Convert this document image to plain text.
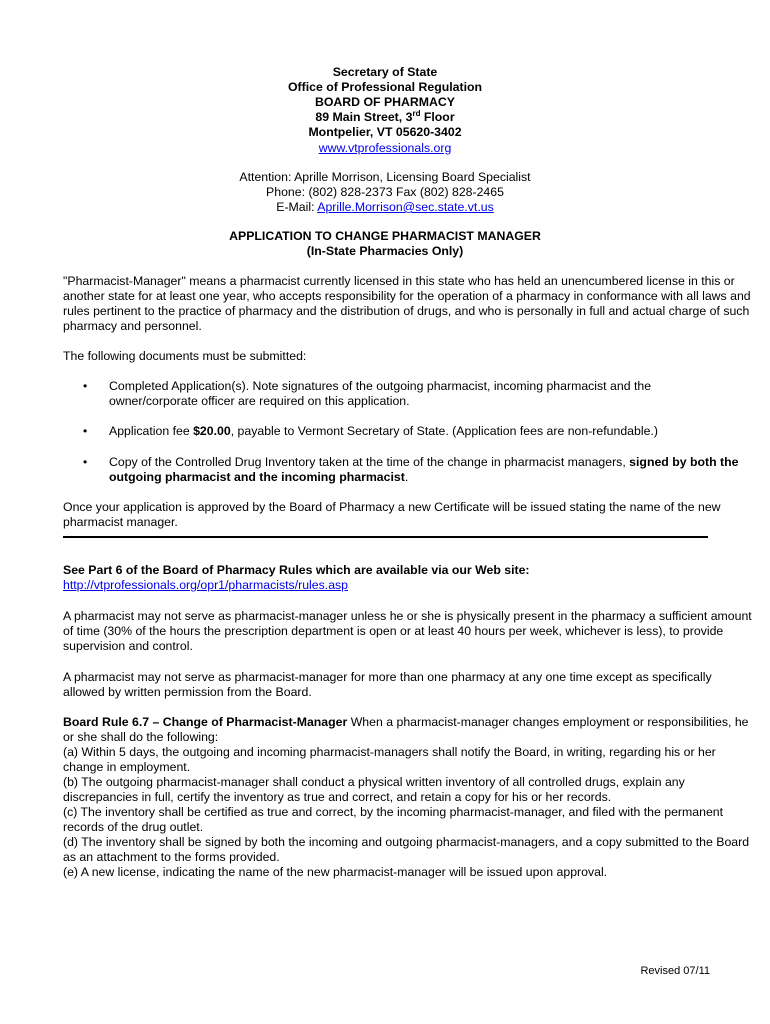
Secretary of State
Office of Professional Regulation
BOARD OF PHARMACY
89 Main Street, 3rd Floor
Montpelier, VT 05620-3402
www.vtprofessionals.org
Attention: Aprille Morrison, Licensing Board Specialist
Phone: (802) 828-2373 Fax (802) 828-2465
E-Mail: Aprille.Morrison@sec.state.vt.us
APPLICATION TO CHANGE PHARMACIST MANAGER
(In-State Pharmacies Only)
"Pharmacist-Manager" means a pharmacist currently licensed in this state who has held an unencumbered license in this or another state for at least one year, who accepts responsibility for the operation of a pharmacy in conformance with all laws and rules pertinent to the practice of pharmacy and the distribution of drugs, and who is personally in full and actual charge of such pharmacy and personnel.
The following documents must be submitted:
• Completed Application(s). Note signatures of the outgoing pharmacist, incoming pharmacist and the owner/corporate officer are required on this application.
• Application fee $20.00, payable to Vermont Secretary of State. (Application fees are non-refundable.)
• Copy of the Controlled Drug Inventory taken at the time of the change in pharmacist managers, signed by both the outgoing pharmacist and the incoming pharmacist.
Once your application is approved by the Board of Pharmacy a new Certificate will be issued stating the name of the new pharmacist manager.
See Part 6 of the Board of Pharmacy Rules which are available via our Web site:
http://vtprofessionals.org/opr1/pharmacists/rules.asp
A pharmacist may not serve as pharmacist-manager unless he or she is physically present in the pharmacy a sufficient amount of time (30% of the hours the prescription department is open or at least 40 hours per week, whichever is less), to provide supervision and control.
A pharmacist may not serve as pharmacist-manager for more than one pharmacy at any one time except as specifically allowed by written permission from the Board.
Board Rule 6.7 – Change of Pharmacist-Manager When a pharmacist-manager changes employment or responsibilities, he or she shall do the following:
(a) Within 5 days, the outgoing and incoming pharmacist-managers shall notify the Board, in writing, regarding his or her change in employment.
(b) The outgoing pharmacist-manager shall conduct a physical written inventory of all controlled drugs, explain any discrepancies in full, certify the inventory as true and correct, and retain a copy for his or her records.
(c) The inventory shall be certified as true and correct, by the incoming pharmacist-manager, and filed with the permanent records of the drug outlet.
(d) The inventory shall be signed by both the incoming and outgoing pharmacist-managers, and a copy submitted to the Board as an attachment to the forms provided.
(e) A new license, indicating the name of the new pharmacist-manager will be issued upon approval.
Revised 07/11
